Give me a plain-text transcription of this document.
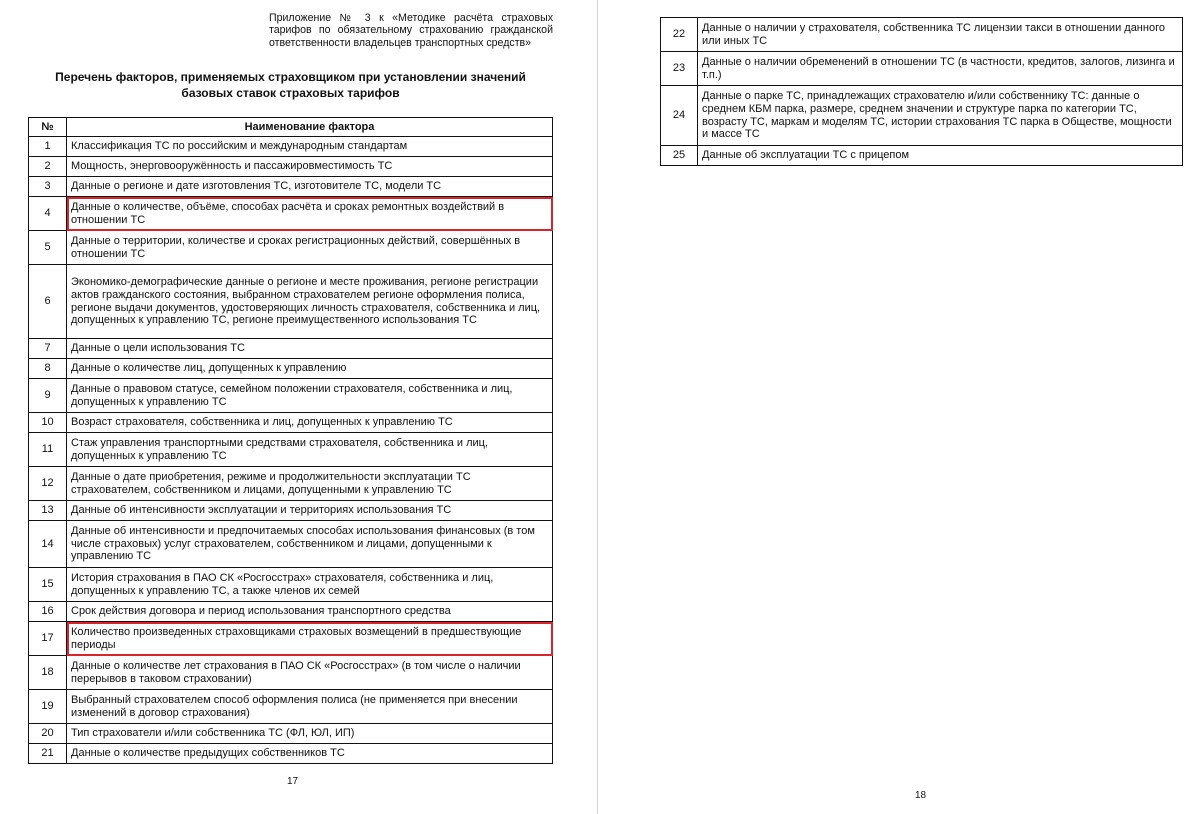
Приложение № 3 к «Методике расчёта страховых тарифов по обязательному страхованию гражданской ответственности владельцев транспортных средств»
Перечень факторов, применяемых страховщиком при установлении значений базовых ставок страховых тарифов
№	Наименование фактора
1	Классификация ТС по российским и международным стандартам
2	Мощность, энерговооружённость и пассажировместимость ТС
3	Данные о регионе и дате изготовления ТС, изготовителе ТС, модели ТС
4	Данные о количестве, объёме, способах расчёта и сроках ремонтных воздействий в отношении ТС
5	Данные о территории, количестве и сроках регистрационных действий, совершённых в отношении ТС
6	Экономико-демографические данные о регионе и месте проживания, регионе регистрации актов гражданского состояния, выбранном страхователем регионе оформления полиса, регионе выдачи документов, удостоверяющих личность страхователя, собственника и лиц, допущенных к управлению ТС, регионе преимущественного использования ТС
7	Данные о цели использования ТС
8	Данные о количестве лиц, допущенных к управлению
9	Данные о правовом статусе, семейном положении страхователя, собственника и лиц, допущенных к управлению ТС
10	Возраст страхователя, собственника и лиц, допущенных к управлению ТС
11	Стаж управления транспортными средствами страхователя, собственника и лиц, допущенных к управлению ТС
12	Данные о дате приобретения, режиме и продолжительности эксплуатации ТС страхователем, собственником и лицами, допущенными к управлению ТС
13	Данные об интенсивности эксплуатации и территориях использования ТС
14	Данные об интенсивности и предпочитаемых способах использования финансовых (в том числе страховых) услуг страхователем, собственником и лицами, допущенными к управлению ТС
15	История страхования в ПАО СК «Росгосстрах» страхователя, собственника и лиц, допущенных к управлению ТС, а также членов их семей
16	Срок действия договора и период использования транспортного средства
17	Количество произведенных страховщиками страховых возмещений в предшествующие периоды
18	Данные о количестве лет страхования в ПАО СК «Росгосстрах» (в том числе о наличии перерывов в таковом страховании)
19	Выбранный страхователем способ оформления полиса (не применяется при внесении изменений в договор страхования)
20	Тип страхователи и/или собственника ТС (ФЛ, ЮЛ, ИП)
21	Данные о количестве предыдущих собственников ТС
17
22	Данные о наличии у страхователя, собственника ТС лицензии такси в отношении данного или иных ТС
23	Данные о наличии обременений в отношении ТС (в частности, кредитов, залогов, лизинга и т.п.)
24	Данные о парке ТС, принадлежащих страхователю и/или собственнику ТС: данные о среднем КБМ парка, размере, среднем значении и структуре парка по категории ТС, возрасту ТС, маркам и моделям ТС, истории страхования ТС парка в Обществе, мощности и массе ТС
25	Данные об эксплуатации ТС с прицепом
18
